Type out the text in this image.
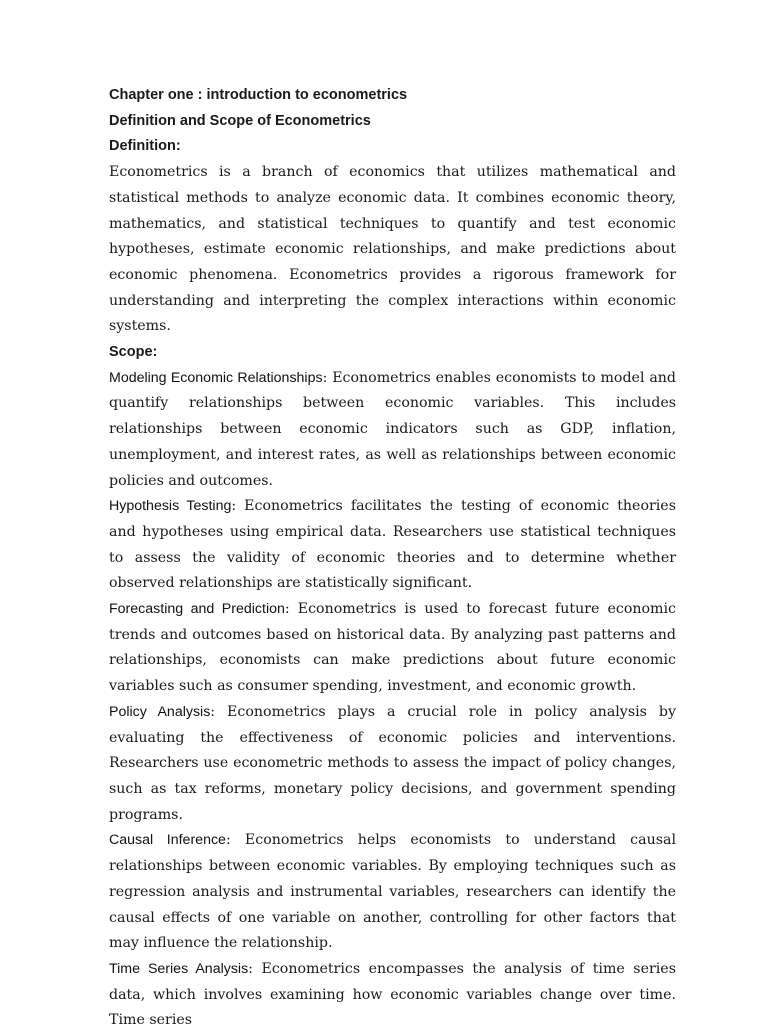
Chapter one : introduction to econometrics
Definition and Scope of Econometrics
Definition:

Econometrics is a branch of economics that utilizes mathematical and statistical methods to analyze economic data. It combines economic theory, mathematics, and statistical techniques to quantify and test economic hypotheses, estimate economic relationships, and make predictions about economic phenomena. Econometrics provides a rigorous framework for understanding and interpreting the complex interactions within economic systems.

Scope:

Modeling Economic Relationships: Econometrics enables economists to model and quantify relationships between economic variables. This includes relationships between economic indicators such as GDP, inflation, unemployment, and interest rates, as well as relationships between economic policies and outcomes.

Hypothesis Testing: Econometrics facilitates the testing of economic theories and hypotheses using empirical data. Researchers use statistical techniques to assess the validity of economic theories and to determine whether observed relationships are statistically significant.

Forecasting and Prediction: Econometrics is used to forecast future economic trends and outcomes based on historical data. By analyzing past patterns and relationships, economists can make predictions about future economic variables such as consumer spending, investment, and economic growth.

Policy Analysis: Econometrics plays a crucial role in policy analysis by evaluating the effectiveness of economic policies and interventions. Researchers use econometric methods to assess the impact of policy changes, such as tax reforms, monetary policy decisions, and government spending programs.

Causal Inference: Econometrics helps economists to understand causal relationships between economic variables. By employing techniques such as regression analysis and instrumental variables, researchers can identify the causal effects of one variable on another, controlling for other factors that may influence the relationship.

Time Series Analysis: Econometrics encompasses the analysis of time series data, which involves examining how economic variables change over time. Time series
